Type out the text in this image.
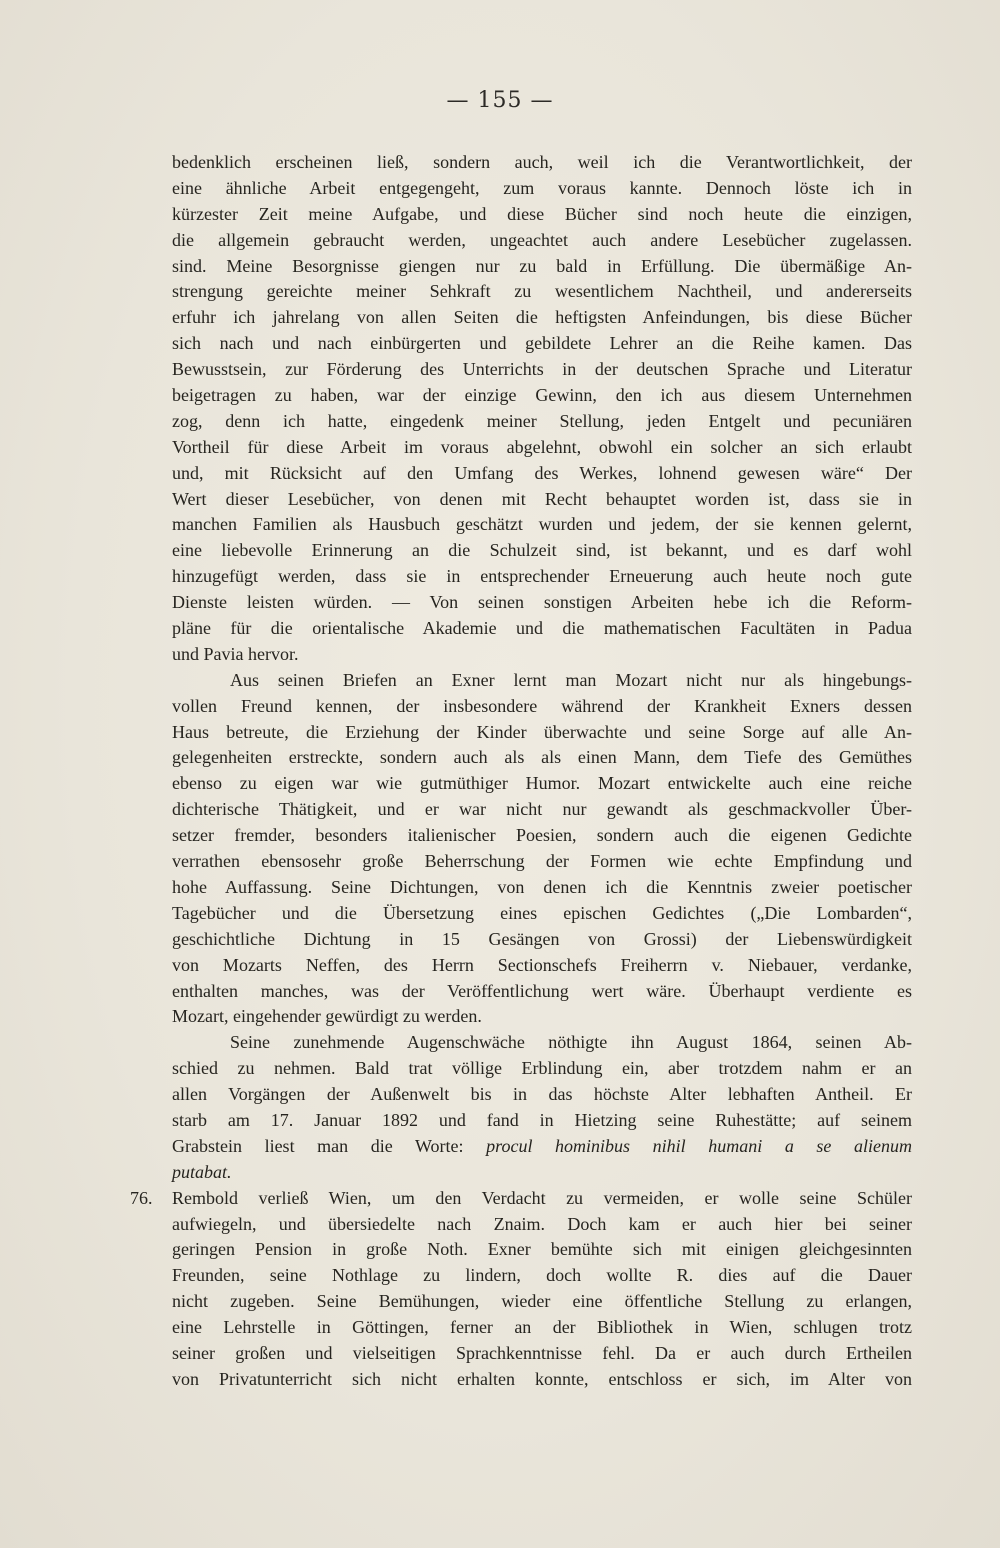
— 155 —
bedenklich erscheinen ließ, sondern auch, weil ich die Verantwortlichkeit, der
eine ähnliche Arbeit entgegengeht, zum voraus kannte. Dennoch löste ich in
kürzester Zeit meine Aufgabe, und diese Bücher sind noch heute die einzigen,
die allgemein gebraucht werden, ungeachtet auch andere Lesebücher zugelassen.
sind. Meine Besorgnisse giengen nur zu bald in Erfüllung. Die übermäßige An-
strengung gereichte meiner Sehkraft zu wesentlichem Nachtheil, und andererseits
erfuhr ich jahrelang von allen Seiten die heftigsten Anfeindungen, bis diese Bücher
sich nach und nach einbürgerten und gebildete Lehrer an die Reihe kamen. Das
Bewusstsein, zur Förderung des Unterrichts in der deutschen Sprache und Literatur
beigetragen zu haben, war der einzige Gewinn, den ich aus diesem Unternehmen
zog, denn ich hatte, eingedenk meiner Stellung, jeden Entgelt und pecuniären
Vortheil für diese Arbeit im voraus abgelehnt, obwohl ein solcher an sich erlaubt
und, mit Rücksicht auf den Umfang des Werkes, lohnend gewesen wäre“ Der
Wert dieser Lesebücher, von denen mit Recht behauptet worden ist, dass sie in
manchen Familien als Hausbuch geschätzt wurden und jedem, der sie kennen gelernt,
eine liebevolle Erinnerung an die Schulzeit sind, ist bekannt, und es darf wohl
hinzugefügt werden, dass sie in entsprechender Erneuerung auch heute noch gute
Dienste leisten würden. — Von seinen sonstigen Arbeiten hebe ich die Reform-
pläne für die orientalische Akademie und die mathematischen Facultäten in Padua
und Pavia hervor.
Aus seinen Briefen an Exner lernt man Mozart nicht nur als hingebungs-
vollen Freund kennen, der insbesondere während der Krankheit Exners dessen
Haus betreute, die Erziehung der Kinder überwachte und seine Sorge auf alle An-
gelegenheiten erstreckte, sondern auch als als einen Mann, dem Tiefe des Gemüthes
ebenso zu eigen war wie gutmüthiger Humor. Mozart entwickelte auch eine reiche
dichterische Thätigkeit, und er war nicht nur gewandt als geschmackvoller Über-
setzer fremder, besonders italienischer Poesien, sondern auch die eigenen Gedichte
verrathen ebensosehr große Beherrschung der Formen wie echte Empfindung und
hohe Auffassung. Seine Dichtungen, von denen ich die Kenntnis zweier poetischer
Tagebücher und die Übersetzung eines epischen Gedichtes („Die Lombarden“,
geschichtliche Dichtung in 15 Gesängen von Grossi) der Liebenswürdigkeit
von Mozarts Neffen, des Herrn Sectionschefs Freiherrn v. Niebauer, verdanke,
enthalten manches, was der Veröffentlichung wert wäre. Überhaupt verdiente es
Mozart, eingehender gewürdigt zu werden.
Seine zunehmende Augenschwäche nöthigte ihn August 1864, seinen Ab-
schied zu nehmen. Bald trat völlige Erblindung ein, aber trotzdem nahm er an
allen Vorgängen der Außenwelt bis in das höchste Alter lebhaften Antheil. Er
starb am 17. Januar 1892 und fand in Hietzing seine Ruhestätte; auf seinem
Grabstein liest man die Worte: procul hominibus nihil humani a se alienum
putabat.
76. Rembold verließ Wien, um den Verdacht zu vermeiden, er wolle seine Schüler
aufwiegeln, und übersiedelte nach Znaim. Doch kam er auch hier bei seiner
geringen Pension in große Noth. Exner bemühte sich mit einigen gleichgesinnten
Freunden, seine Nothlage zu lindern, doch wollte R. dies auf die Dauer
nicht zugeben. Seine Bemühungen, wieder eine öffentliche Stellung zu erlangen,
eine Lehrstelle in Göttingen, ferner an der Bibliothek in Wien, schlugen trotz
seiner großen und vielseitigen Sprachkenntnisse fehl. Da er auch durch Ertheilen
von Privatunterricht sich nicht erhalten konnte, entschloss er sich, im Alter von
